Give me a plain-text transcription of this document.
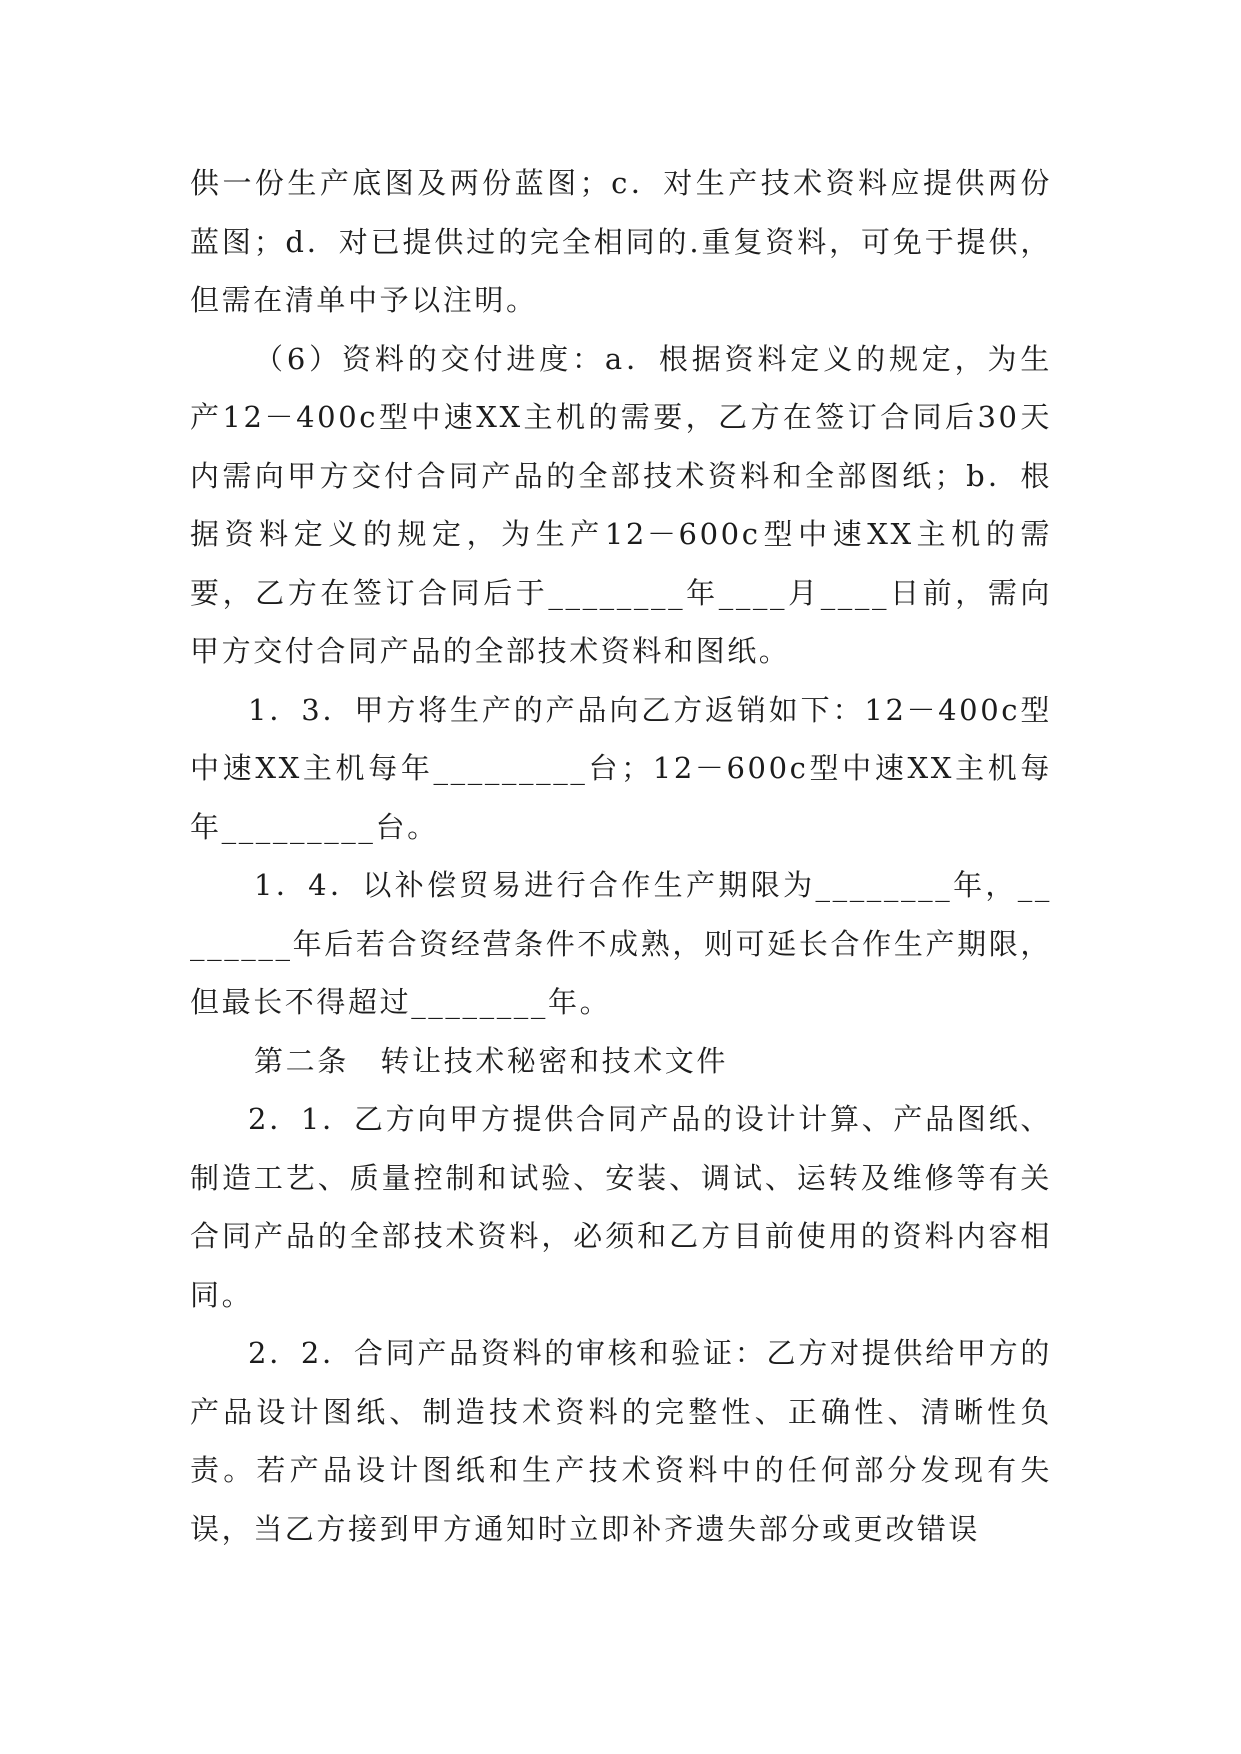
供一份生产底图及两份蓝图；c．对生产技术资料应提供两份蓝图；d．对已提供过的完全相同的.重复资料，可免于提供，但需在清单中予以注明。

（6）资料的交付进度：a．根据资料定义的规定，为生产12－400c型中速XX主机的需要，乙方在签订合同后30天内需向甲方交付合同产品的全部技术资料和全部图纸；b．根据资料定义的规定，为生产12－600c型中速XX主机的需要，乙方在签订合同后于________年____月____日前，需向甲方交付合同产品的全部技术资料和图纸。

1．3．甲方将生产的产品向乙方返销如下：12－400c型中速XX主机每年_________台；12－600c型中速XX主机每年_________台。

1．4．以补偿贸易进行合作生产期限为________年，________年后若合资经营条件不成熟，则可延长合作生产期限，但最长不得超过________年。

第二条　转让技术秘密和技术文件

2．1．乙方向甲方提供合同产品的设计计算、产品图纸、制造工艺、质量控制和试验、安装、调试、运转及维修等有关合同产品的全部技术资料，必须和乙方目前使用的资料内容相同。

2．2．合同产品资料的审核和验证：乙方对提供给甲方的产品设计图纸、制造技术资料的完整性、正确性、清晰性负责。若产品设计图纸和生产技术资料中的任何部分发现有失误，当乙方接到甲方通知时立即补齐遗失部分或更改错误
